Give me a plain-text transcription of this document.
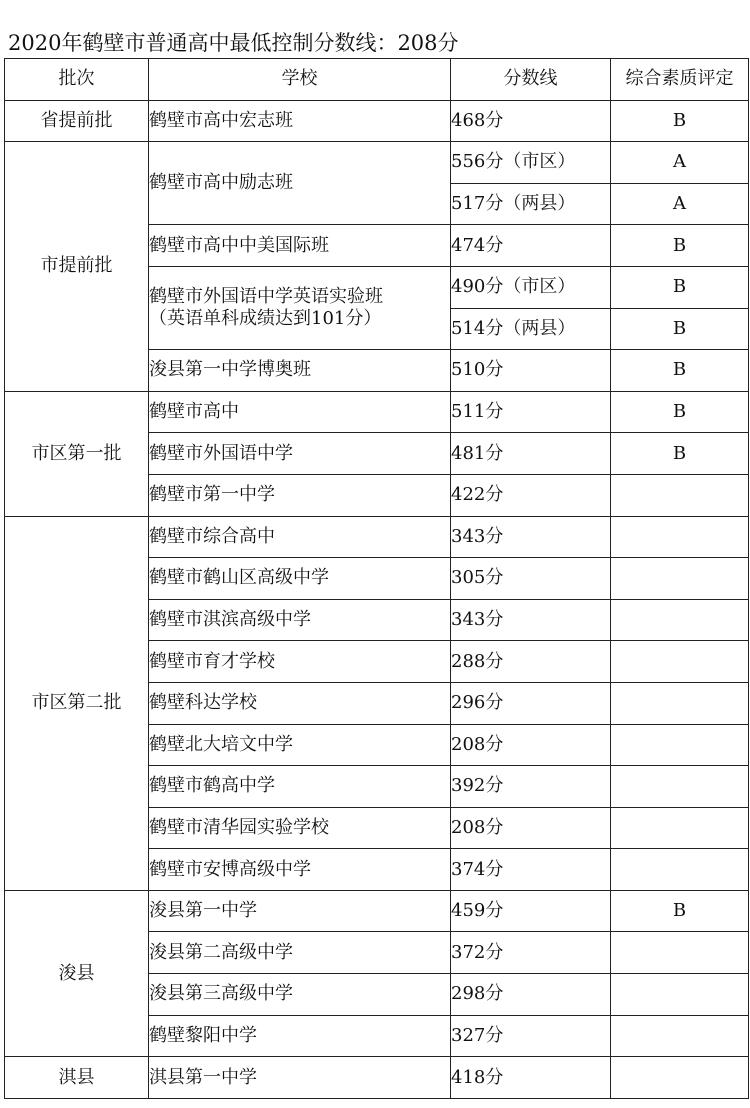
2020年鹤壁市普通高中最低控制分数线：208分
批次	学校	分数线	综合素质评定
省提前批	鹤壁市高中宏志班	468分	B
市提前批	鹤壁市高中励志班	556分（市区）	A
		517分（两县）	A
	鹤壁市高中中美国际班	474分	B

	鹤壁市外国语中学英语实验班
（英语单科成绩达到101分）	490分（市区）	B
		514分（两县）	B
	浚县第一中学博奥班	510分	B
市区第一批	鹤壁市高中	511分	B
	鹤壁市外国语中学	481分	B
	鹤壁市第一中学	422分	
市区第二批	鹤壁市综合高中	343分	
	鹤壁市鹤山区高级中学	305分	
	鹤壁市淇滨高级中学	343分	
	鹤壁市育才学校	288分	
	鹤壁科达学校	296分	
	鹤壁北大培文中学	208分	
	鹤壁市鹤高中学	392分	
	鹤壁市清华园实验学校	208分	
	鹤壁市安博高级中学	374分	
浚县	浚县第一中学	459分	B
	浚县第二高级中学	372分	
	浚县第三高级中学	298分	
	鹤壁黎阳中学	327分	
淇县	淇县第一中学	418分	
